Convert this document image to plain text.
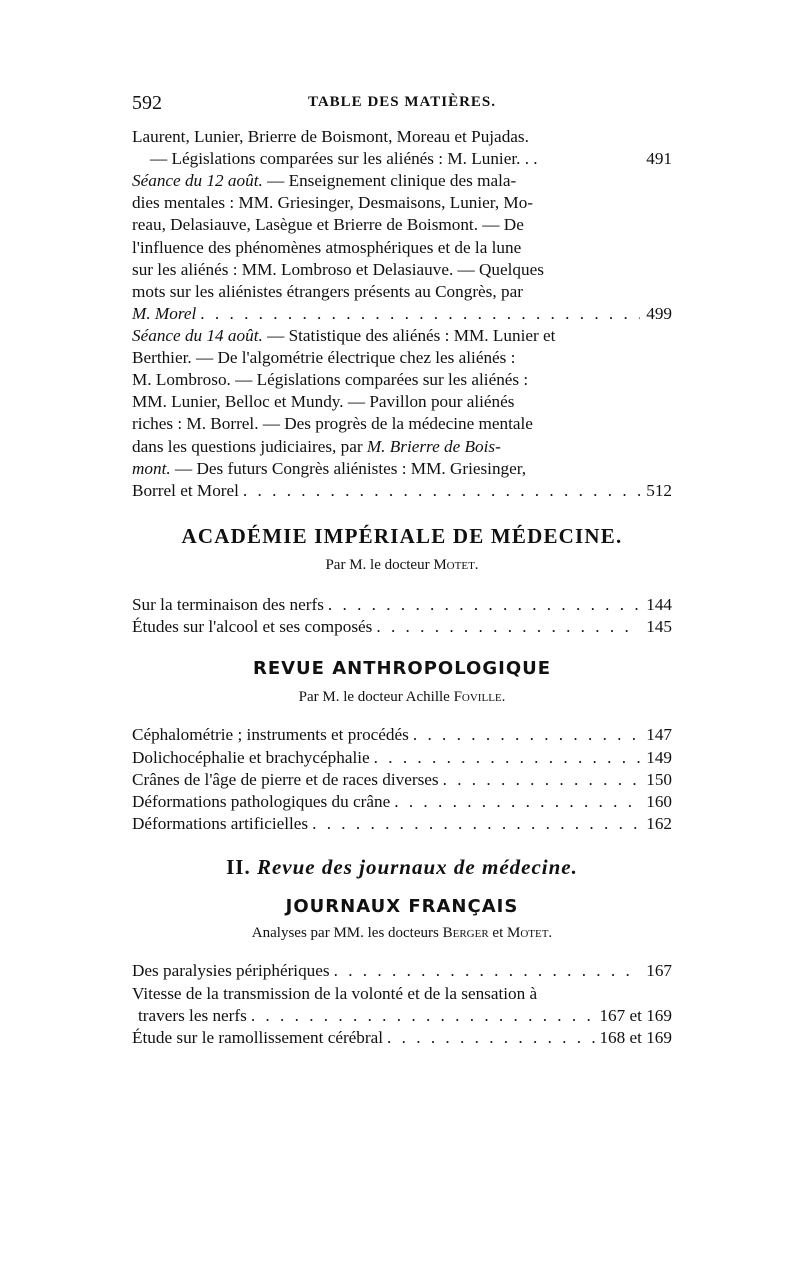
592	TABLE DES MATIÈRES.
Laurent, Lunier, Brierre de Boismont, Moreau et Pujadas.
— Législations comparées sur les aliénés : M. Lunier. . .	491
Séance du 12 août. — Enseignement clinique des mala-
dies mentales : MM. Griesinger, Desmaisons, Lunier, Mo-
reau, Delasiauve, Lasègue et Brierre de Boismont. — De
l'influence des phénomènes atmosphériques et de la lune
sur les aliénés : MM. Lombroso et Delasiauve. — Quelques
mots sur les aliénistes étrangers présents au Congrès, par
M. Morel . . .	499
Séance du 14 août. — Statistique des aliénés : MM. Lunier et
Berthier. — De l'algométrie électrique chez les aliénés :
M. Lombroso. — Législations comparées sur les aliénés :
MM. Lunier, Belloc et Mundy. — Pavillon pour aliénés
riches : M. Borrel. — Des progrès de la médecine mentale
dans les questions judiciaires, par M. Brierre de Bois-
mont. — Des futurs Congrès aliénistes : MM. Griesinger,
Borrel et Morel . . .	512
ACADÉMIE IMPÉRIALE DE MÉDECINE.

Par M. le docteur Motet.

Sur la terminaison des nerfs . . .	144
Études sur l'alcool et ses composés . . .	145
REVUE ANTHROPOLOGIQUE

Par M. le docteur Achille Foville.

Céphalométrie ; instruments et procédés . . .	147
Dolichocéphalie et brachycéphalie . . .	149
Crânes de l'âge de pierre et de races diverses . . .	150
Déformations pathologiques du crâne . . .	160
Déformations artificielles . . .	162

II. Revue des journaux de médecine.

JOURNAUX FRANÇAIS

Analyses par MM. les docteurs Berger et Motet.

Des paralysies périphériques . . .	167
Vitesse de la transmission de la volonté et de la sensation à
travers les nerfs . . .	167 et 169
Étude sur le ramollissement cérébral . . .	168 et 169
